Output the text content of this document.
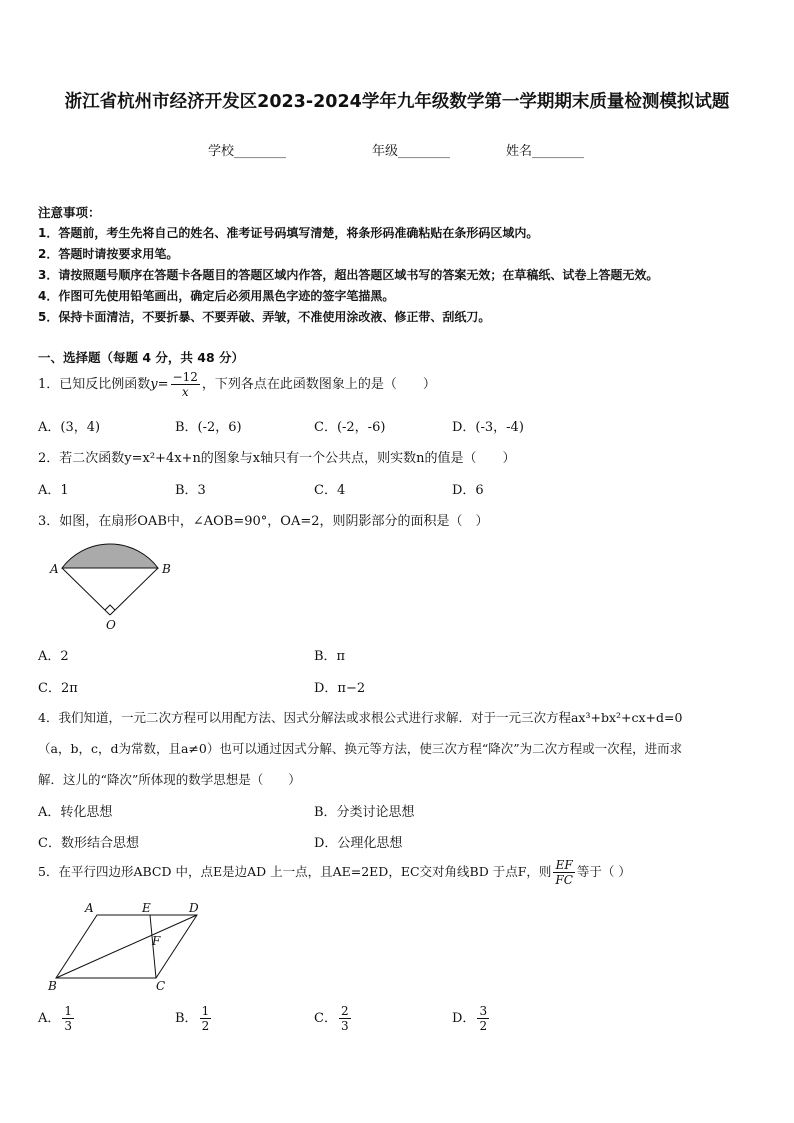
浙江省杭州市经济开发区2023-2024学年九年级数学第一学期期末质量检测模拟试题
学校________	年级________	姓名________
注意事项：
1．答题前，考生先将自己的姓名、准考证号码填写清楚，将条形码准确粘贴在条形码区域内。
2．答题时请按要求用笔。
3．请按照题号顺序在答题卡各题目的答题区域内作答，超出答题区域书写的答案无效；在草稿纸、试卷上答题无效。
4．作图可先使用铅笔画出，确定后必须用黑色字迹的签字笔描黑。
5．保持卡面清洁，不要折暴、不要弄破、弄皱，不准使用涂改液、修正带、刮纸刀。
一、选择题（每题 4 分，共 48 分）
1．已知反比例函数$y= \frac{-12}{x}$ ，下列各点在此函数图象上的是（　　）
A．(3，4)	B．(-2，6)	C．(-2，-6)	D．(-3，-4)
2．若二次函数y=x²+4x+n的图象与x轴只有一个公共点，则实数n的值是（　　）
A．1	B．3	C．4	D．6
3．如图，在扇形OAB中，∠AOB=90°，OA=2，则阴影部分的面积是（　）
A	B
O
A．2	B．π
C．2π	D．π−2
4．我们知道，一元二次方程可以用配方法、因式分解法或求根公式进行求解．对于一元三次方程ax³+bx²+cx+d=0
（a，b，c，d为常数，且a≠0）也可以通过因式分解、换元等方法，使三次方程“降次”为二次方程或一次程，进而求
解．这儿的“降次”所体现的数学思想是（　　）
A．转化思想	B．分类讨论思想
C．数形结合思想	D．公理化思想
5．在平行四边形ABCD 中，点E是边AD 上一点，且AE=2ED，EC交对角线BD 于点F，则 $\frac{EF}{FC}$ 等于（ ）
A	E	D
F
B	C
A． $\frac{1}{3}$	B． $\frac{1}{2}$	C． $\frac{2}{3}$	D． $\frac{3}{2}$
